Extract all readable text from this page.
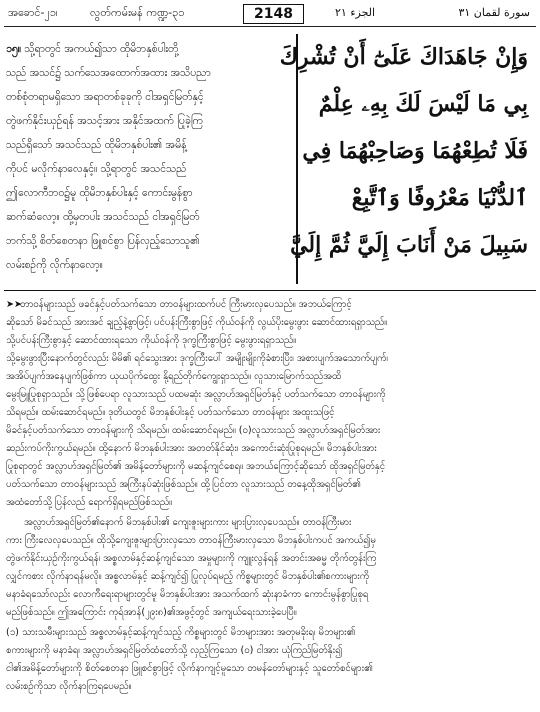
အခောင်-၂၁၊	လွတ်ကမ်းမန် ကဏ္ဍ-၃၁	2148	الجزء ٢١	سورة لقمان ٣١
وَإِنْ جَاهَدَاكَ عَلَىٰٓ أَنْ تُشْرِكَ
بِي مَا لَيْسَ لَكَ بِهِۦ عِلْمٌ
فَلَا تُطِعْهُمَا وَصَاحِبْهُمَا فِي
ٱلدُّنْيَا مَعْرُوفًا وَٱتَّبِعْ
سَبِيلَ مَنْ أَنَابَ إِلَيَّ ثُمَّ إِلَيَّ
၁၅။ သို့ရာတွင် အကယ်၍သာ ထိုမိဘနှစ်ပါးတို့
သည် အသင်၌ သက်သေအထောက်အထား အသိပညာ
တစ်စုံတရာမရှိသော အရာတစ်ခုခုကို ငါအရှင်မြတ်နှင့်
တွဲဖက်နိုင်းယှဉ်ရန် အသင့်အား အနိုင်အထက် ပြုခဲ့ကြ
သည်ရှိသော် အသင်သည် ထိုမိဘနှစ်ပါး၏ အမိန့်
ကိုပင် မလိုက်နာလေနှင့်။ သို့ရာတွင် အသင်သည်
ဤလောကီဘဝ၌မူ ထိုမိဘနှစ်ပါးနှင့် ကောင်းမွန်စွာ
ဆက်ဆံလော့။ ထို့မှတပါး အသင်သည် ငါအရှင်မြတ်
ဘက်သို့ စိတ်စေတနာ ဖြူစင်စွာ ပြန်လှည့်သောသူ၏
လမ်းစဉ်ကို လိုက်နာလော့။
➤➤တာဝန်များသည် ဖခင်နှင့်ပတ်သက်သော တာဝန်များထက်ပင် ကြီးမားလှပေသည်။ အဘယ်ကြောင့်
ဆိုသော် မိခင်သည် အားအင် ချည့်နဲ့စွာဖြင့်၊ ပင်ပန်းကြီးစွာဖြင့် ကိုယ်ဝန်ကို လွယ်ပိုးမွေးဖွား ဆောင်ထားရရှာသည်။
သို့ပင်ပန်းကြီးစွာနှင့် ဆောင်ထားရသော ကိုယ်ဝန်ကို ဒုက္ခကြီးစွာဖြင့် မွေးဖွားရရှာသည်။
သို့မွေးဖွားပြီးနောက်တွင်လည်း မိမိ၏ ရင်သွေးအား ဒုက္ခကြီးပေါ် အမျိုးမျိုးကိုခံစားပြီး၊ အစားပျက်အသောက်ပျက်၊
အအိပ်ပျက်အနေပျက်ဖြစ်ကာ ယုယပိုက်ထွေး နို့ရည်တိုက်ကျွေးရှာသည်။ လူသားမြောက်သည်အထိ
မွေးမြူပြုစုရှာသည်။ သို့ဖြစ်ပေရာ လူသားသည် ပထမဆုံး အလ္လာဟ်အရှင်မြတ်နှင့် ပတ်သက်သော တာဝန်များကို
သိရမည်။ ထမ်းဆောင်ရမည်။ ဒုတိယတွင် မိဘနှစ်ပါးနှင့် ပတ်သက်သော တာဝန်များ အထူးသဖြင့်
မိခင်နှင့်ပတ်သက်သော တာဝန်များကို သိရမည်။ ထမ်းဆောင်ရမည်။ (၀)လူသားသည် အလ္လာဟ်အရှင်မြတ်အား
ဆည်းကပ်ကိုးကွယ်ရမည်။ ထို့နောက် မိဘနှစ်ပါးအား အတတ်နိုင်ဆုံး၊ အကောင်းဆုံးပြုစုရမည်။ မိဘနှစ်ပါးအား
ပြုစုရာတွင် အလ္လာဟ်အရှင်မြတ်၏ အမိန့်တော်များကို မဆန့်ကျင်စေရ။ အဘယ်ကြောင့်ဆိုသော် ထိုအရှင်မြတ်နှင့်
ပတ်သက်သော တာဝန်များသည် အကြီးနပ်ဆုံးဖြစ်သည်။ ထို့ပြင်တာ လူသားသည် တနေ့ထိုအရှင်မြတ်၏
အထံတော်သို့ ပြန်လည် ရောက်ရှိရမည်ဖြစ်သည်။
အလ္လာဟ်အရှင်မြတ်၏နောက် မိဘနှစ်ပါး၏ ကျေးဇူးများကား များပြားလှပေသည်။ တာဝန်ကြီးမား
ကား ကြီးလေလှပေသည်။ ထိုသို့ကျေးဇူးများပြားလှသော တာဝန်ကြီးမားလှသော မိဘနှစ်ပါးကပင် အကယ်၍မှ
တွဲဖက်နိုင်းယှဉ်ကိုးကွယ်ရန်၊ အစ္စလာမ်နှင့်ဆန့်ကျင်သော အမှုများကို ကျူးလွန်ရန် အတင်းအဓမ္မ တိုက်တွန်းကြ
လျှင်ကစား လိုက်နာရန်မလို။ အစ္စလာမ်နှင့် ဆန့်ကျင်၍ ပြုလုပ်ရမည့် ကိစ္စများတွင် မိဘနှစ်ပါး၏စကားများကို
မနာခံရသော်လည်း လောကီရေးရာများတွင်မူ မိဘနှစ်ပါးအား အသက်ထက် ဆုံးနာခံကာ ကောင်းမွန်စွာပြုစုရ
မည်ဖြစ်သည်။ ဤအကြောင်း ကုရ်အာန်(၂၉း၈)၏အဖွင့်တွင် အကျယ်ရေးသားခဲ့ပေပြီ။
(၁) သားသမီးများသည် အစ္စလာမ်နှင့်ဆန့်ကျင်သည့် ကိစ္စများတွင် မိဘများအား အတုမခိုးရ၊ မိဘများ၏
စကားများကို မနာခံရ၊ အလ္လာဟ်အရှင်မြတ်ထံတော်သို့ လှည့်ကြသော (၀) ငါအား ယုံကြည်မြတ်နိုး၍
ငါ၏အမိန့်တော်များကို စိတ်စေတနာ ဖြူစင်စွာဖြင့် လိုက်နာကျင့်မူသော တမန်တော်များနှင့် သူတော်စင်များ၏
လမ်းစဉ်ကိုသာ လိုက်နာကြရပေမည်။
